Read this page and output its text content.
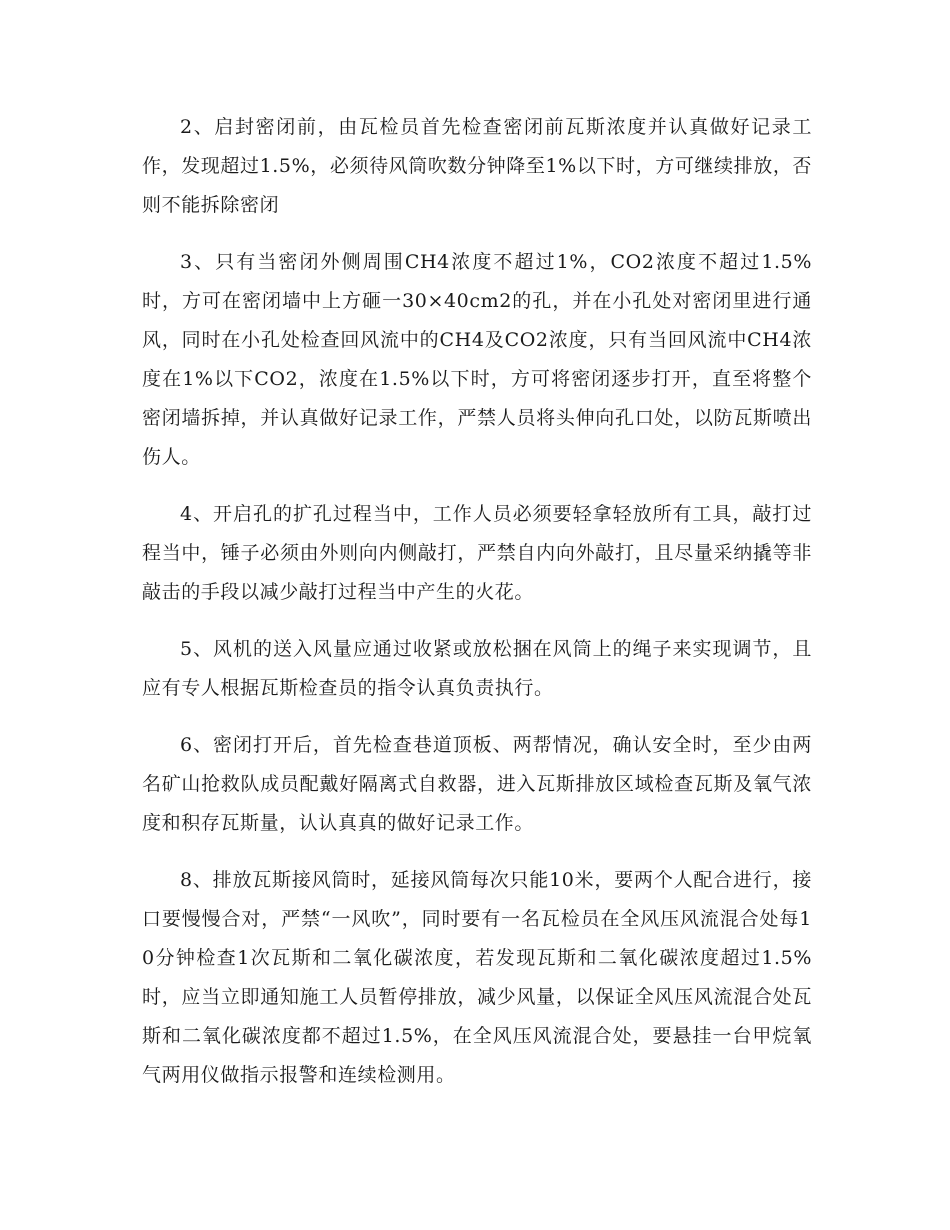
2、启封密闭前，由瓦检员首先检查密闭前瓦斯浓度并认真做好记录工作，发现超过1.5%，必须待风筒吹数分钟降至1%以下时，方可继续排放，否则不能拆除密闭

3、只有当密闭外侧周围CH4浓度不超过1%，CO2浓度不超过1.5%时，方可在密闭墙中上方砸一30×40cm2的孔，并在小孔处对密闭里进行通风，同时在小孔处检查回风流中的CH4及CO2浓度，只有当回风流中CH4浓度在1%以下CO2，浓度在1.5%以下时，方可将密闭逐步打开，直至将整个密闭墙拆掉，并认真做好记录工作，严禁人员将头伸向孔口处，以防瓦斯喷出伤人。

4、开启孔的扩孔过程当中，工作人员必须要轻拿轻放所有工具，敲打过程当中，锤子必须由外则向内侧敲打，严禁自内向外敲打，且尽量采纳撬等非敲击的手段以减少敲打过程当中产生的火花。

5、风机的送入风量应通过收紧或放松捆在风筒上的绳子来实现调节，且应有专人根据瓦斯检查员的指令认真负责执行。

6、密闭打开后，首先检查巷道顶板、两帮情况，确认安全时，至少由两名矿山抢救队成员配戴好隔离式自救器，进入瓦斯排放区域检查瓦斯及氧气浓度和积存瓦斯量，认认真真的做好记录工作。

8、排放瓦斯接风筒时，延接风筒每次只能10米，要两个人配合进行，接口要慢慢合对，严禁“一风吹”，同时要有一名瓦检员在全风压风流混合处每10分钟检查1次瓦斯和二氧化碳浓度，若发现瓦斯和二氧化碳浓度超过1.5%时，应当立即通知施工人员暂停排放，减少风量，以保证全风压风流混合处瓦斯和二氧化碳浓度都不超过1.5%，在全风压风流混合处，要悬挂一台甲烷氧气两用仪做指示报警和连续检测用。
